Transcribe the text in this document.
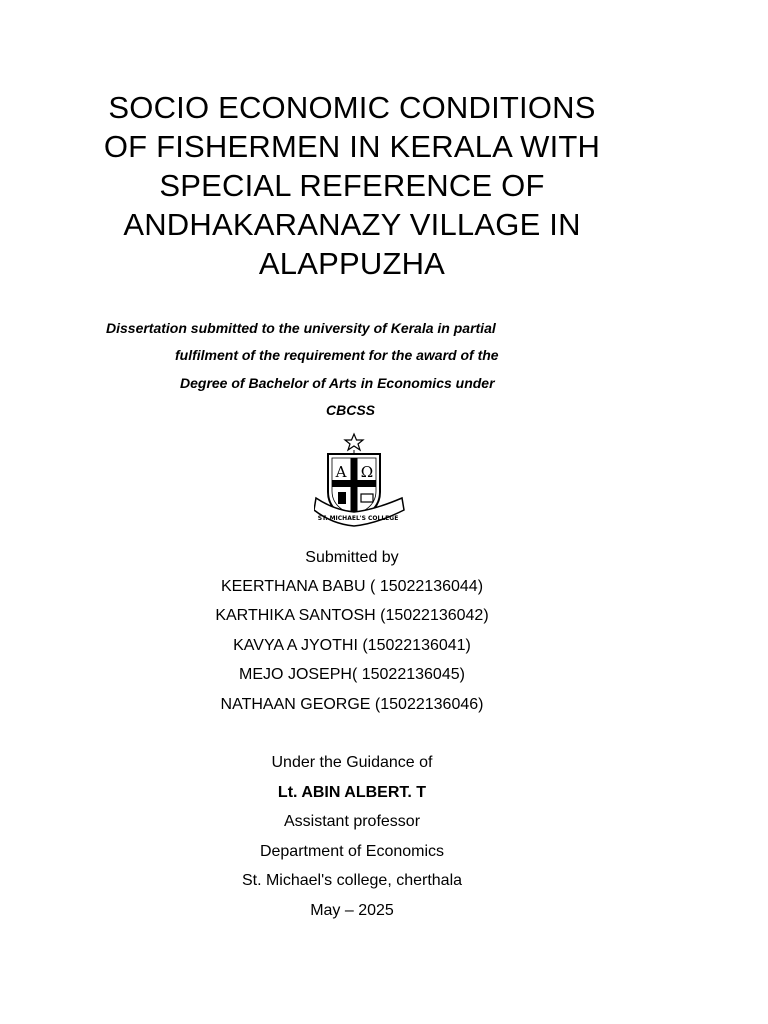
SOCIO ECONOMIC CONDITIONS
OF FISHERMEN IN KERALA WITH
SPECIAL REFERENCE OF
ANDHAKARANAZY VILLAGE IN
ALAPPUZHA
Dissertation submitted to the university of Kerala in partial
fulfilment of the requirement for the award of the
Degree of Bachelor of Arts in Economics under
CBCSS
A Ω
ST. MICHAEL'S COLLEGE
Submitted by
KEERTHANA BABU ( 15022136044)
KARTHIKA SANTOSH (15022136042)
KAVYA A JYOTHI (15022136041)
MEJO JOSEPH( 15022136045)
NATHAAN GEORGE (15022136046)
Under the Guidance of
Lt. ABIN ALBERT. T
Assistant professor
Department of Economics
St. Michael's college, cherthala
May – 2025
